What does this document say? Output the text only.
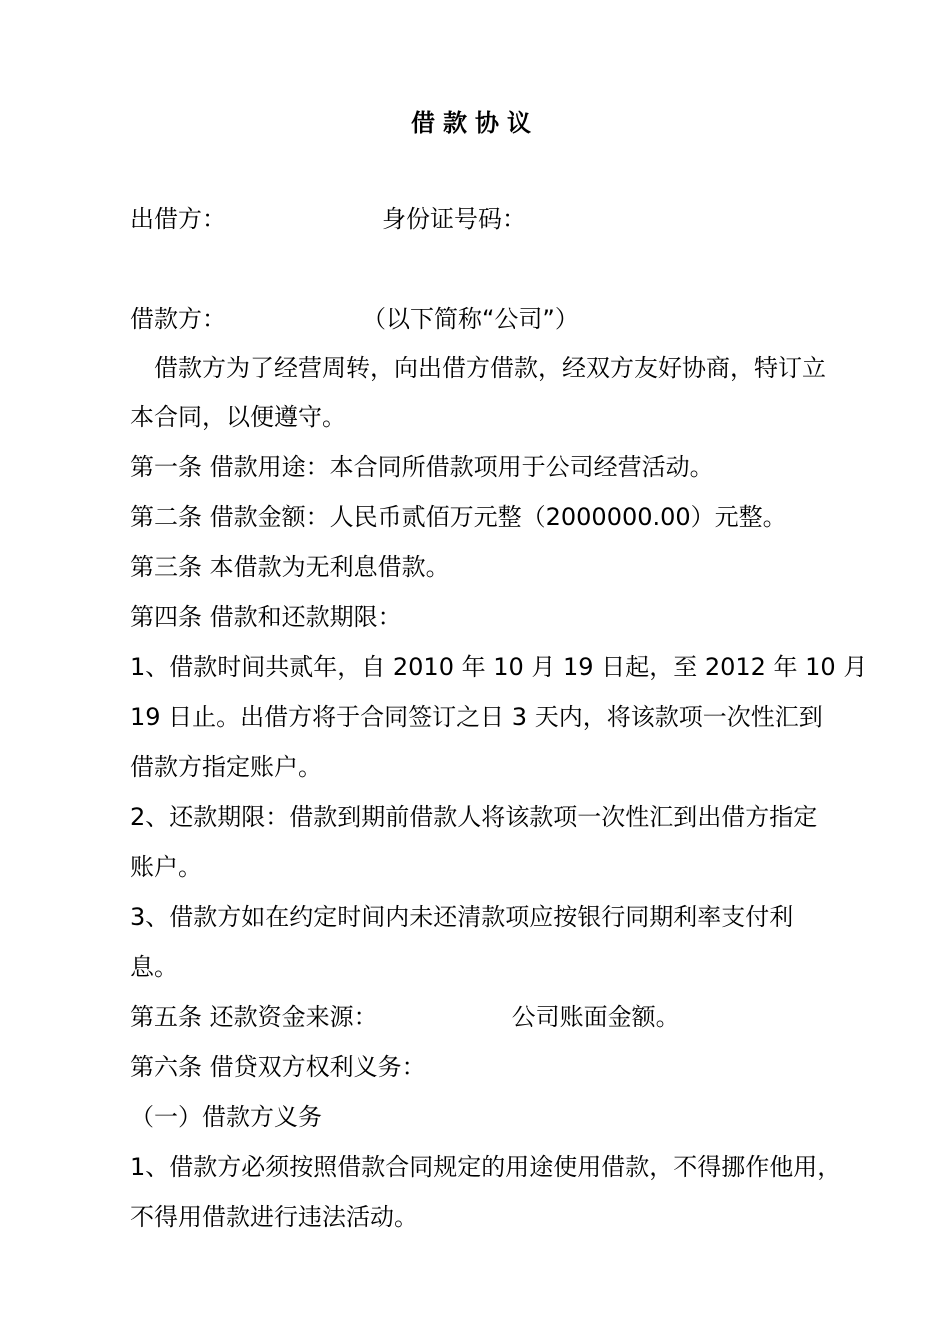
借款协议
出借方：	身份证号码：
借款方：	（以下简称“公司”）
借款方为了经营周转，向出借方借款，经双方友好协商，特订立
本合同，以便遵守。
第一条 借款用途：本合同所借款项用于公司经营活动。
第二条 借款金额：人民币贰佰万元整（2000000.00）元整。
第三条 本借款为无利息借款。
第四条 借款和还款期限：
1、借款时间共贰年，自 2010 年 10 月 19 日起，至 2012 年 10 月
19 日止。出借方将于合同签订之日 3 天内，将该款项一次性汇到
借款方指定账户。
2、还款期限：借款到期前借款人将该款项一次性汇到出借方指定
账户。
3、借款方如在约定时间内未还清款项应按银行同期利率支付利
息。
第五条 还款资金来源：	公司账面金额。
第六条 借贷双方权利义务：
（一）借款方义务
1、借款方必须按照借款合同规定的用途使用借款，不得挪作他用，
不得用借款进行违法活动。
